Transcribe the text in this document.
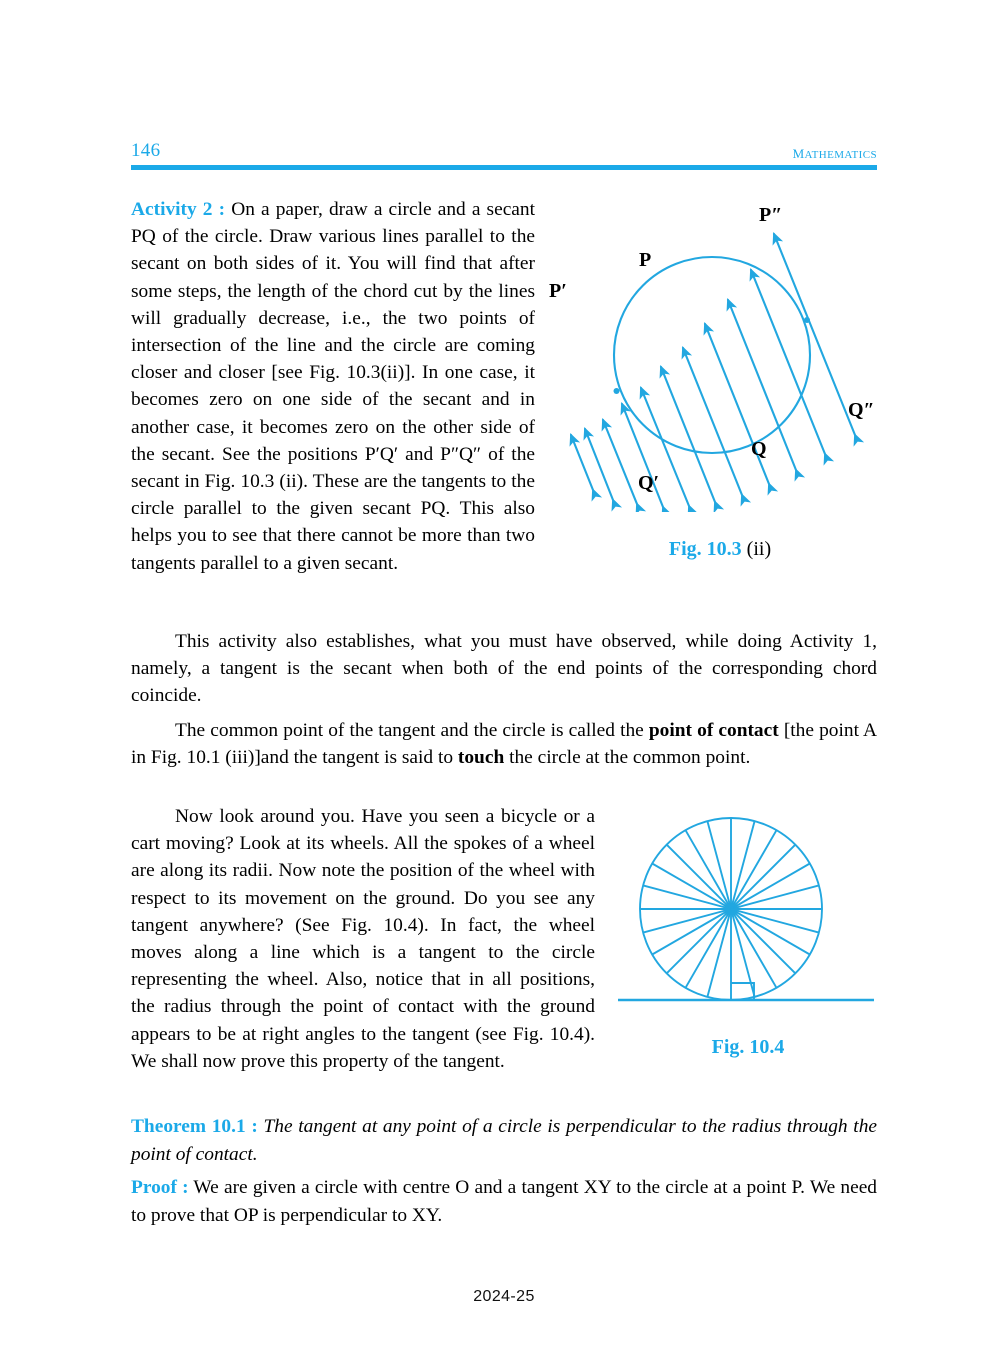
146	mathematics
Activity 2 : On a paper, draw a circle and a secant PQ of the circle. Draw various lines parallel to the secant on both sides of it. You will find that after some steps, the length of the chord cut by the lines will gradually decrease, i.e., the two points of intersection of the line and the circle are coming closer and closer [see Fig. 10.3(ii)]. In one case, it becomes zero on one side of the secant and in another case, it becomes zero on the other side of the secant. See the positions P′Q′ and P″Q″ of the secant in Fig. 10.3 (ii). These are the tangents to the circle parallel to the given secant PQ. This also helps you to see that there cannot be more than two tangents parallel to a given secant.
P′
P
P″
Q′
Q
Q″
Fig. 10.3 (ii)
This activity also establishes, what you must have observed, while doing Activity 1, namely, a tangent is the secant when both of the end points of the corresponding chord coincide.
The common point of the tangent and the circle is called the point of contact [the point A in Fig. 10.1 (iii)]and the tangent is said to touch the circle at the common point.
Now look around you. Have you seen a bicycle or a cart moving? Look at its wheels. All the spokes of a wheel are along its radii. Now note the position of the wheel with respect to its movement on the ground. Do you see any tangent anywhere? (See Fig. 10.4). In fact, the wheel moves along a line which is a tangent to the circle representing the wheel. Also, notice that in all positions, the radius through the point of contact with the ground appears to be at right angles to the tangent (see Fig. 10.4). We shall now prove this property of the tangent.
Fig. 10.4
Theorem 10.1 : The tangent at any point of a circle is perpendicular to the radius through the point of contact.
Proof : We are given a circle with centre O and a tangent XY to the circle at a point P. We need to prove that OP is perpendicular to XY.
2024-25
